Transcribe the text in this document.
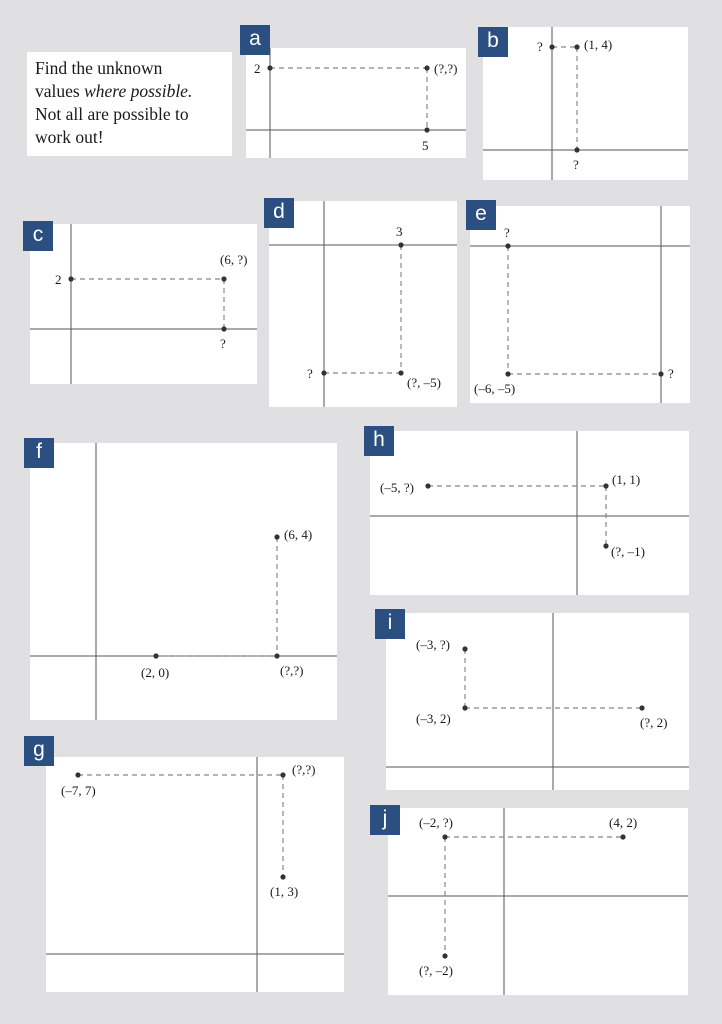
Find the unknown
values where possible.
Not all are possible to
work out!
2	(?,?)
5
a	?	(1, 4)
?
b
2
(6, ?)
?
c	3
?
(?, –5)
d
?
(–6, –5)
?
e
(6, 4)
(2, 0)	(?,?)
f
(–7, 7)
(?,?)
(1, 3)
g
(–5, ?)
(1, 1)
(?, –1)
h
(–3, ?)
(–3, 2)	(?, 2)
i
(–2, ?)	(4, 2)
(?, –2)
j
